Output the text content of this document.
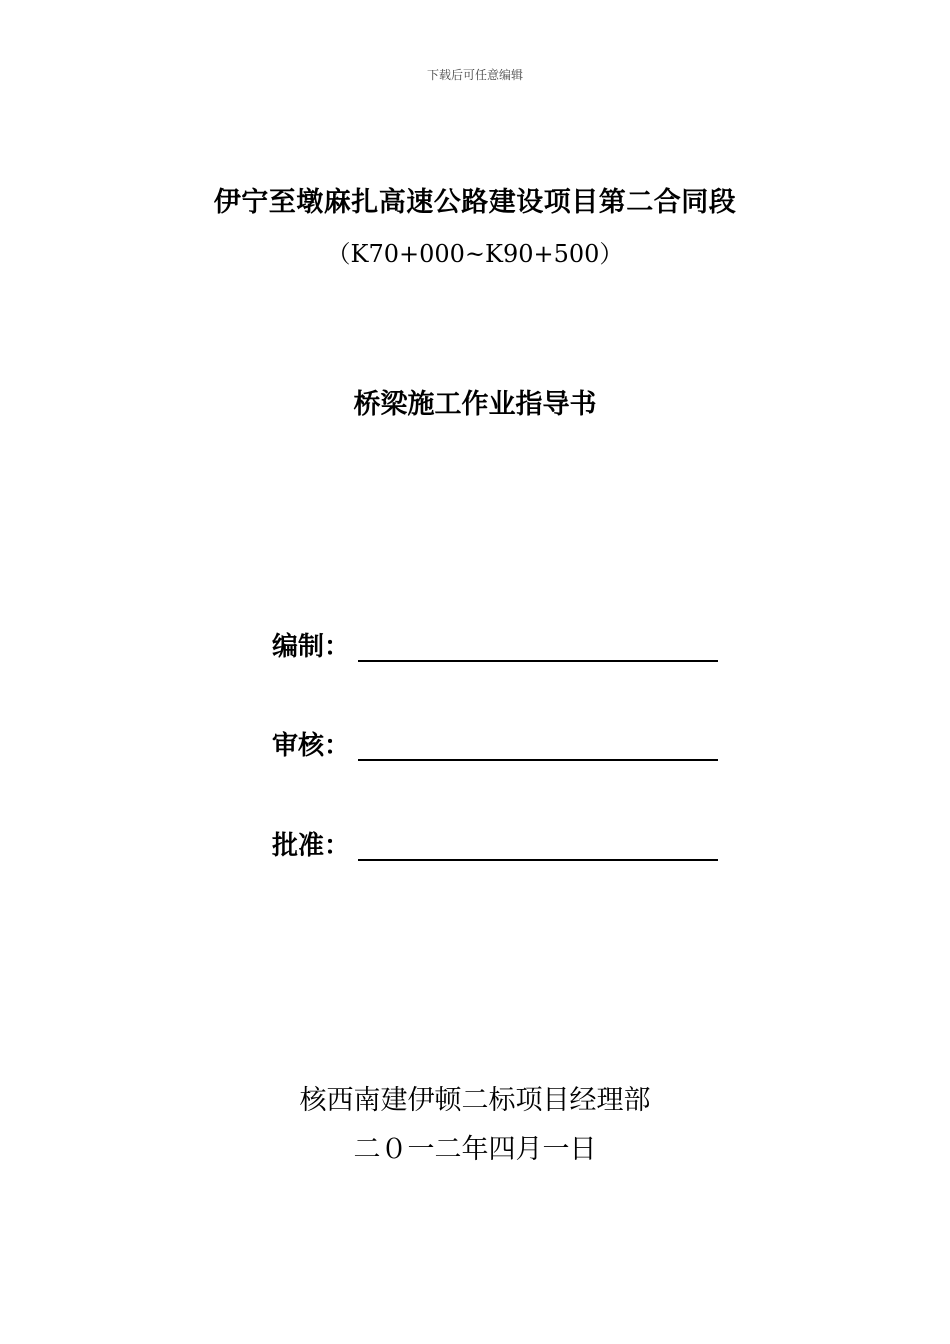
下载后可任意编辑
伊宁至墩麻扎高速公路建设项目第二合同段
（K70+000~K90+500）
桥梁施工作业指导书
编制：
审核：
批准：
核西南建伊顿二标项目经理部
二０一二年四月一日
